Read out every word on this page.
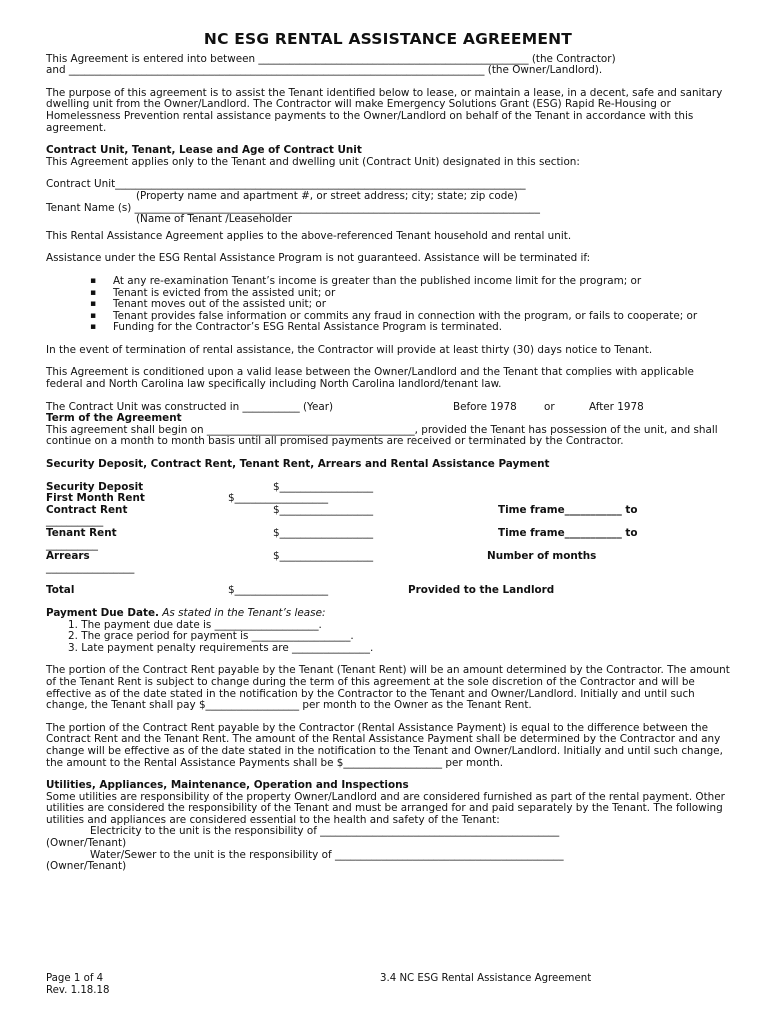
NC ESG RENTAL ASSISTANCE AGREEMENT

This Agreement is entered into between ____________________________________________________ (the Contractor)

and ________________________________________________________________________________ (the Owner/Landlord).

The purpose of this agreement is to assist the Tenant identified below to lease, or maintain a lease, in a decent, safe and sanitary dwelling unit from the Owner/Landlord. The Contractor will make Emergency Solutions Grant (ESG) Rapid Re-Housing or Homelessness Prevention rental assistance payments to the Owner/Landlord on behalf of the Tenant in accordance with this agreement.

Contract Unit, Tenant, Lease and Age of Contract Unit

This Agreement applies only to the Tenant and dwelling unit (Contract Unit) designated in this section:

Contract Unit_______________________________________________________________________________

(Property name and apartment #, or street address; city; state; zip code)

Tenant Name (s) ______________________________________________________________________________

(Name of Tenant /Leaseholder

This Rental Assistance Agreement applies to the above-referenced Tenant household and rental unit.

Assistance under the ESG Rental Assistance Program is not guaranteed. Assistance will be terminated if:

▪ At any re-examination Tenant’s income is greater than the published income limit for the program; or
▪ Tenant is evicted from the assisted unit; or
▪ Tenant moves out of the assisted unit; or
▪ Tenant provides false information or commits any fraud in connection with the program, or fails to cooperate; or
▪ Funding for the Contractor’s ESG Rental Assistance Program is terminated.

In the event of termination of rental assistance, the Contractor will provide at least thirty (30) days notice to Tenant.

This Agreement is conditioned upon a valid lease between the Owner/Landlord and the Tenant that complies with applicable federal and North Carolina law specifically including North Carolina landlord/tenant law.

The Contract Unit was constructed in ___________ (Year)	Before 1978	or	After 1978

Term of the Agreement

This agreement shall begin on ________________________________________, provided the Tenant has possession of the unit, and shall continue on a month to month basis until all promised payments are received or terminated by the Contractor.

Security Deposit, Contract Rent, Tenant Rent, Arrears and Rental Assistance Payment

Security Deposit	$__________________
First Month Rent	$__________________
Contract Rent	$__________________	Time frame___________ to
___________
Tenant Rent	$__________________	Time frame___________ to
__________
Arrears	$__________________	Number of months
_________________
Total	$__________________	Provided to the Landlord

Payment Due Date. As stated in the Tenant’s lease:

1. The payment due date is ____________________.
2. The grace period for payment is ___________________.
3. Late payment penalty requirements are _______________.

The portion of the Contract Rent payable by the Tenant (Tenant Rent) will be an amount determined by the Contractor. The amount of the Tenant Rent is subject to change during the term of this agreement at the sole discretion of the Contractor and will be effective as of the date stated in the notification by the Contractor to the Tenant and Owner/Landlord. Initially and until such change, the Tenant shall pay $__________________ per month to the Owner as the Tenant Rent.

The portion of the Contract Rent payable by the Contractor (Rental Assistance Payment) is equal to the difference between the Contract Rent and the Tenant Rent. The amount of the Rental Assistance Payment shall be determined by the Contractor and any change will be effective as of the date stated in the notification to the Tenant and Owner/Landlord. Initially and until such change, the amount to the Rental Assistance Payments shall be $___________________ per month.

Utilities, Appliances, Maintenance, Operation and Inspections

Some utilities are responsibility of the property Owner/Landlord and are considered furnished as part of the rental payment. Other utilities are considered the responsibility of the Tenant and must be arranged for and paid separately by the Tenant. The following utilities and appliances are considered essential to the health and safety of the Tenant:

Electricity to the unit is the responsibility of ______________________________________________

(Owner/Tenant)

Water/Sewer to the unit is the responsibility of ____________________________________________

(Owner/Tenant)

Page 1 of 4
Rev. 1.18.18
3.4 NC ESG Rental Assistance Agreement
